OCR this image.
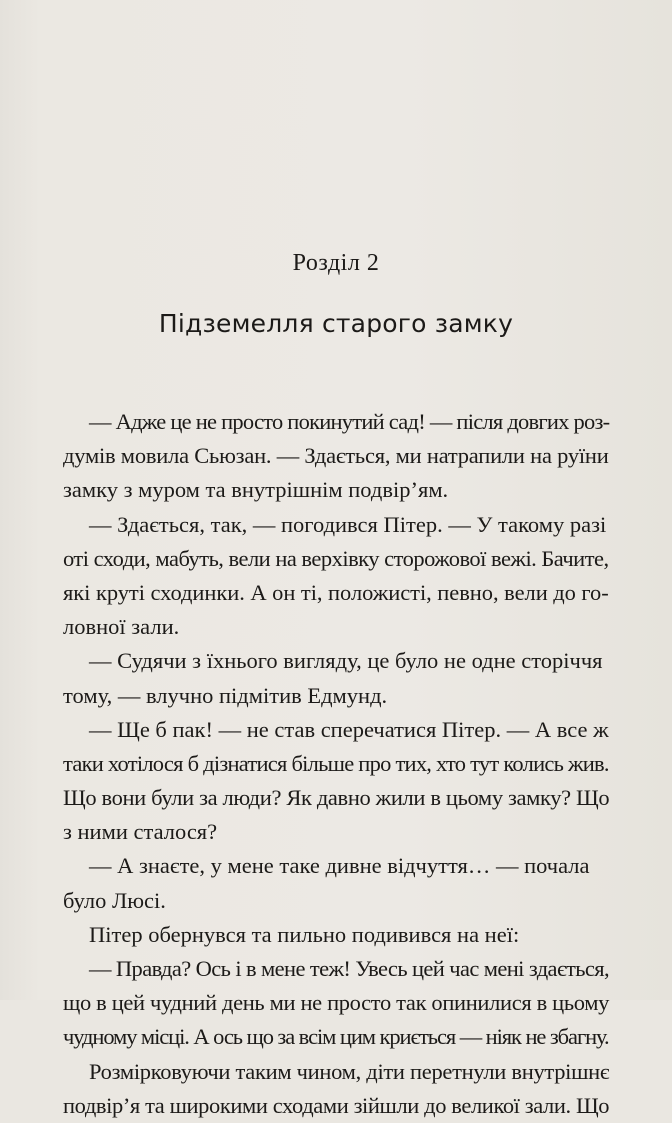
Розділ 2
Підземелля старого замку
— Адже це не просто покинутий сад! — після довгих роз-
думів мовила Сьюзан. — Здається, ми натрапили на руїни
замку з муром та внутрішнім подвір’ям.
— Здається, так, — погодився Пітер. — У такому разі
оті сходи, мабуть, вели на верхівку сторожової вежі. Бачите,
які круті сходинки. А он ті, положисті, певно, вели до го-
ловної зали.
— Судячи з їхнього вигляду, це було не одне сторіччя
тому, — влучно підмітив Едмунд.
— Ще б пак! — не став сперечатися Пітер. — А все ж
таки хотілося б дізнатися більше про тих, хто тут колись жив.
Що вони були за люди? Як давно жили в цьому замку? Що
з ними сталося?
— А знаєте, у мене таке дивне відчуття… — почала
було Люсі.
Пітер обернувся та пильно подивився на неї:
— Правда? Ось і в мене теж! Увесь цей час мені здається,
що в цей чудний день ми не просто так опинилися в цьому
чудному місці. А ось що за всім цим криється — ніяк не збагну.
Розмірковуючи таким чином, діти перетнули внутрішнє
подвір’я та широкими сходами зійшли до великої зали. Що
